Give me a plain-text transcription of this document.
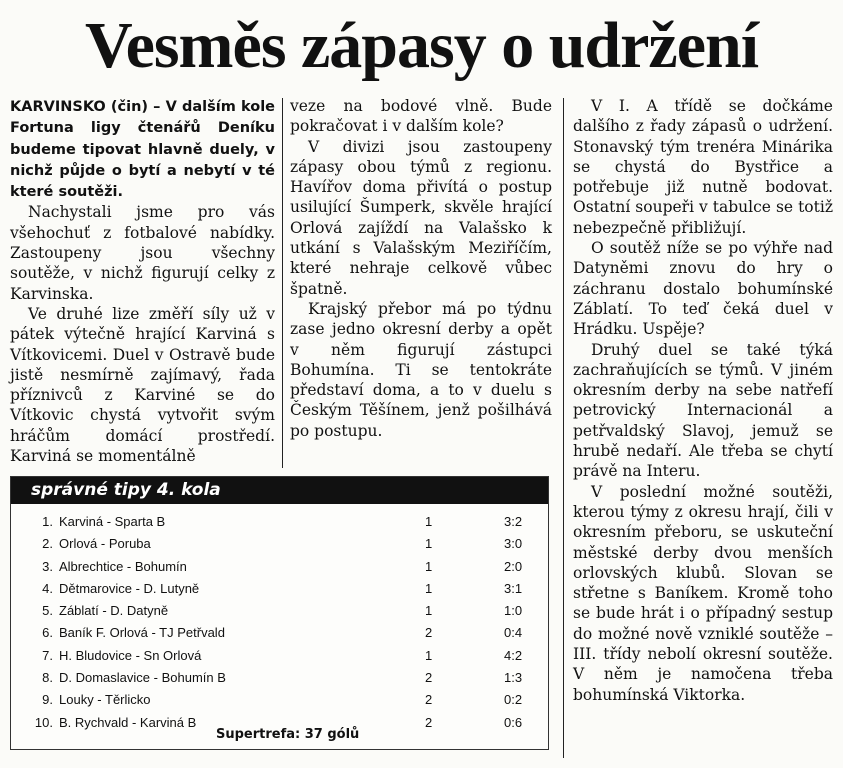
Vesměs zápasy o udržení

KARVINSKO (čin) – V dalším kole Fortuna ligy čtenářů Deníku budeme tipovat hlavně duely, v nichž půjde o bytí a nebytí v té které soutěži.

Nachystali jsme pro vás všehochuť z fotbalové nabídky. Zastoupeny jsou všechny soutěže, v nichž figurují celky z Karvinska.

Ve druhé lize změří síly už v pátek výtečně hrající Karviná s Vítkovicemi. Duel v Ostravě bude jistě nesmírně zajímavý, řada příznivců z Karviné se do Vítkovic chystá vytvořit svým hráčům domácí prostředí. Karviná se momentálně

veze na bodové vlně. Bude pokračovat i v dalším kole?

V divizi jsou zastoupeny zápasy obou týmů z regionu. Havířov doma přivítá o postup usilující Šumperk, skvěle hrající Orlová zajíždí na Valašsko k utkání s Valašským Meziříčím, které nehraje celkově vůbec špatně.

Krajský přebor má po týdnu zase jedno okresní derby a opět v něm figurují zástupci Bohumína. Ti se tentokráte představí doma, a to v duelu s Českým Těšínem, jenž pošilhává po postupu.

V I. A třídě se dočkáme dalšího z řady zápasů o udržení. Stonavský tým trenéra Minárika se chystá do Bystřice a potřebuje již nutně bodovat. Ostatní soupeři v tabulce se totiž nebezpečně přibližují.

O soutěž níže se po výhře nad Datyněmi znovu do hry o záchranu dostalo bohumínské Záblatí. To teď čeká duel v Hrádku. Uspěje?

Druhý duel se také týká zachraňujících se týmů. V jiném okresním derby na sebe natřefí petrovický Internacionál a petřvaldský Slavoj, jemuž se hrubě nedaří. Ale třeba se chytí právě na Interu.

V poslední možné soutěži, kterou týmy z okresu hrají, čili v okresním přeboru, se uskuteční městské derby dvou menších orlovských klubů. Slovan se střetne s Baníkem. Kromě toho se bude hrát i o případný sestup do možné nově vzniklé soutěže – III. třídy nebolí okresní soutěže. V něm je namočena třeba bohumínská Viktorka.

správné tipy 4. kola
1. Karviná - Sparta B	1	3:2
2. Orlová - Poruba	1	3:0
3. Albrechtice - Bohumín	1	2:0
4. Dětmarovice - D. Lutyně	1	3:1
5. Záblatí - D. Datyně	1	1:0
6. Baník F. Orlová - TJ Petřvald	2	0:4
7. H. Bludovice - Sn Orlová	1	4:2
8. D. Domaslavice - Bohumín B	2	1:3
9. Louky - Těrlicko	2	0:2
10. B. Rychvald - Karviná B	2	0:6
Supertrefa: 37 gólů
